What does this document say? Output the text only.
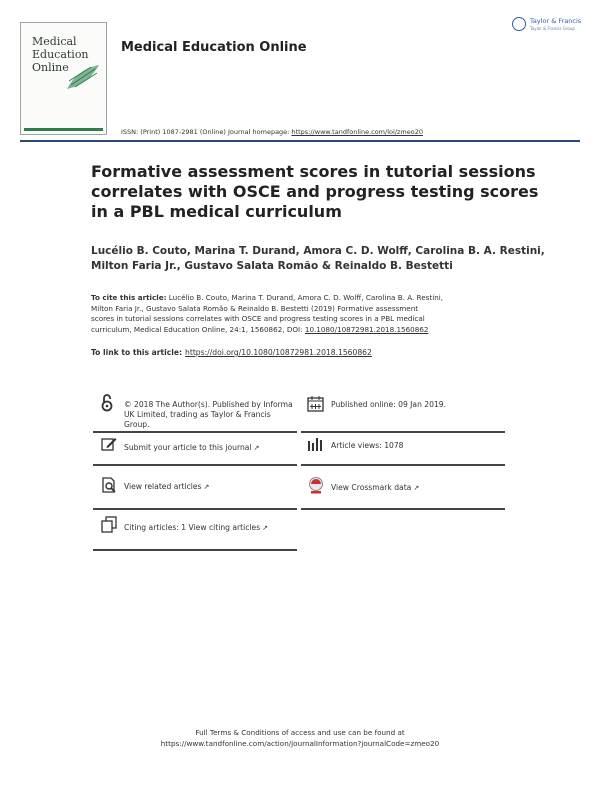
Medical
Education
Online
Medical Education Online
Taylor & Francis
Taylor & Francis Group
ISSN: (Print) 1087-2981 (Online) Journal homepage: https://www.tandfonline.com/loi/zmeo20
Formative assessment scores in tutorial sessions
correlates with OSCE and progress testing scores
in a PBL medical curriculum
Lucélio B. Couto, Marina T. Durand, Amora C. D. Wolff, Carolina B. A. Restini,
Milton Faria Jr., Gustavo Salata Romão & Reinaldo B. Bestetti
To cite this article: Lucélio B. Couto, Marina T. Durand, Amora C. D. Wolff, Carolina B. A. Restini,
Milton Faria Jr., Gustavo Salata Romão & Reinaldo B. Bestetti (2019) Formative assessment
scores in tutorial sessions correlates with OSCE and progress testing scores in a PBL medical
curriculum, Medical Education Online, 24:1, 1560862, DOI: 10.1080/10872981.2018.1560862
To link to this article: https://doi.org/10.1080/10872981.2018.1560862
© 2018 The Author(s). Published by Informa
UK Limited, trading as Taylor & Francis
Group.
Submit your article to this journal ↗
View related articles ↗
Citing articles: 1 View citing articles ↗
Published online: 09 Jan 2019.
Article views: 1078
View Crossmark data ↗
Full Terms & Conditions of access and use can be found at
https://www.tandfonline.com/action/journalInformation?journalCode=zmeo20
